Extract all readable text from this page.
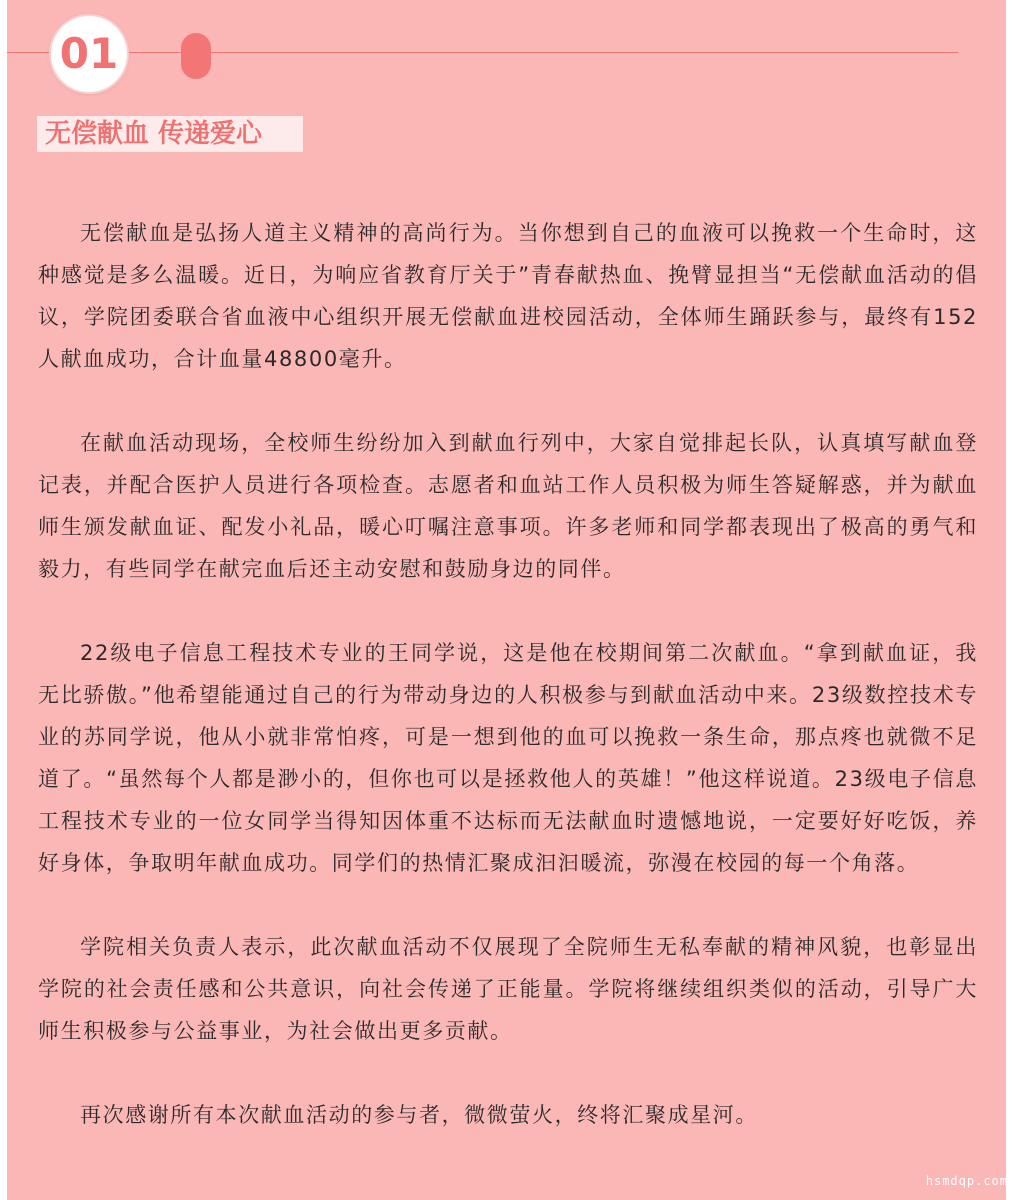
01
无偿献血 传递爱心

无偿献血是弘扬人道主义精神的高尚行为。当你想到自己的血液可以挽救一个生命时，这种感觉是多么温暖。近日，为响应省教育厅关于”青春献热血、挽臂显担当“无偿献血活动的倡议，学院团委联合省血液中心组织开展无偿献血进校园活动，全体师生踊跃参与，最终有152人献血成功，合计血量48800毫升。

在献血活动现场，全校师生纷纷加入到献血行列中，大家自觉排起长队，认真填写献血登记表，并配合医护人员进行各项检查。志愿者和血站工作人员积极为师生答疑解惑，并为献血师生颁发献血证、配发小礼品，暖心叮嘱注意事项。许多老师和同学都表现出了极高的勇气和毅力，有些同学在献完血后还主动安慰和鼓励身边的同伴。

22级电子信息工程技术专业的王同学说，这是他在校期间第二次献血。“拿到献血证，我无比骄傲。”他希望能通过自己的行为带动身边的人积极参与到献血活动中来。23级数控技术专业的苏同学说，他从小就非常怕疼，可是一想到他的血可以挽救一条生命，那点疼也就微不足道了。“虽然每个人都是渺小的，但你也可以是拯救他人的英雄！”他这样说道。23级电子信息工程技术专业的一位女同学当得知因体重不达标而无法献血时遗憾地说，一定要好好吃饭，养好身体，争取明年献血成功。同学们的热情汇聚成汩汩暖流，弥漫在校园的每一个角落。

学院相关负责人表示，此次献血活动不仅展现了全院师生无私奉献的精神风貌，也彰显出学院的社会责任感和公共意识，向社会传递了正能量。学院将继续组织类似的活动，引导广大师生积极参与公益事业，为社会做出更多贡献。

再次感谢所有本次献血活动的参与者，微微萤火，终将汇聚成星河。

hsmdqp.com
